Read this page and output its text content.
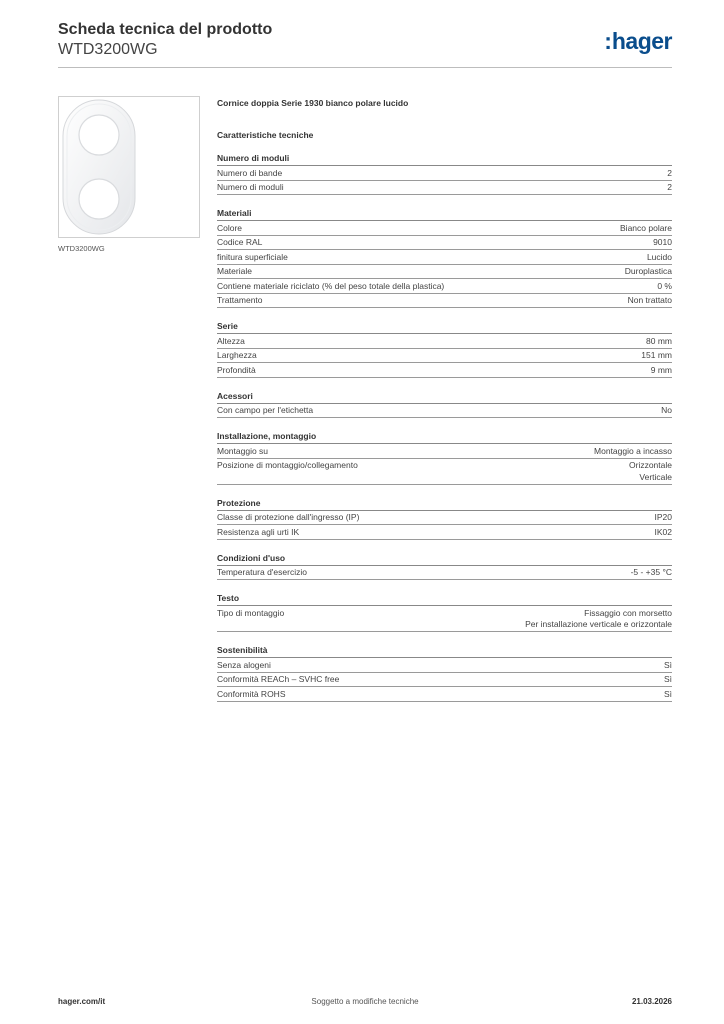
Scheda tecnica del prodotto
WTD3200WG	:hager
WTD3200WG
Cornice doppia Serie 1930 bianco polare lucido
Caratteristiche tecniche
Numero di moduli
Numero di bande	2
Numero di moduli	2
Materiali
Colore	Bianco polare
Codice RAL	9010
finitura superficiale	Lucido
Materiale	Duroplastica
Contiene materiale riciclato (% del peso totale della plastica)	0 %
Trattamento	Non trattato
Serie
Altezza	80 mm
Larghezza	151 mm
Profondità	9 mm
Acessori
Con campo per l'etichetta	No
Installazione, montaggio
Montaggio su	Montaggio a incasso
Posizione di montaggio/collegamento	Orizzontale
Verticale
Protezione
Classe di protezione dall'ingresso (IP)	IP20
Resistenza agli urti IK	IK02
Condizioni d'uso
Temperatura d'esercizio	-5 - +35 °C
Testo
Tipo di montaggio	Fissaggio con morsetto
Per installazione verticale e orizzontale
Sostenibilità
Senza alogeni	Sì
Conformità REACh – SVHC free	Sì
Conformità ROHS	Sì
hager.com/it	Soggetto a modifiche tecniche	21.03.2026
